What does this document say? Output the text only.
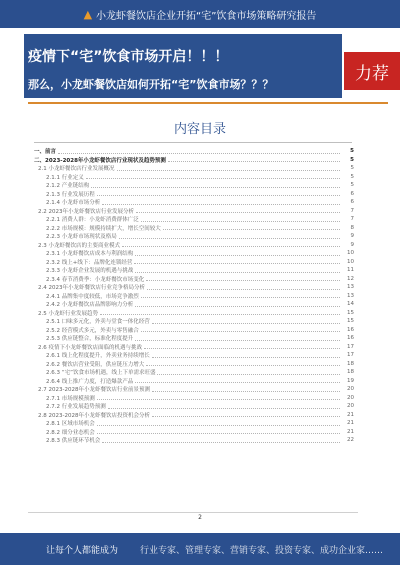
▲ 小龙虾餐饮店企业开拓“宅”饮食市场策略研究报告
疫情下“宅”饮食市场开启！！！
那么，小龙虾餐饮店如何开拓“宅”饮食市场？？？
力荐
内容目录
一、前言	5
二、2023-2028年小龙虾餐饮店行业现状及趋势预测	5
2.1 小龙虾餐饮店行业发展概况	5
2.1.1 行业定义	5
2.1.2 产业链结构	5
2.1.3 行业发展历程	6
2.1.4 小龙虾市场分析	6
2.2 2023年小龙虾餐饮店行业发展分析	7
2.2.1 消费人群：小龙虾消费群体广泛	7
2.2.2 市场规模：规模持续扩大，增长空间较大	8
2.2.3 小龙虾市场现状及格局	9
2.3 小龙虾餐饮店的主要商业模式	9
2.3.1 小龙虾餐饮店成本与利润结构	10
2.3.2 线上+线下：品牌化连锁经营	10
2.3.3 小龙虾企业发展的机遇与挑战	11
2.3.4 春节消费季：小龙虾餐饮市场变化	12
2.4 2023年小龙虾餐饮店行业竞争格局分析	13
2.4.1 品牌集中度较低，市场竞争激烈	13
2.4.2 小龙虾餐饮店品牌影响力分析	14
2.5 小龙虾行业发展趋势	15
2.5.1 口味多元化，外卖与堂食一体化经营	15
2.5.2 经营模式多元，外卖与零售融合	16
2.5.3 供应链整合，标准化程度提升	16
2.6 疫情下小龙虾餐饮店面临的机遇与挑战	17
2.6.1 线上化程度提升，外卖业务持续增长	17
2.6.2 餐饮店营业受阻，供应链压力增大	18
2.6.3 “宅”饮食市场机遇，线上下单需求旺盛	18
2.6.4 线上推广力度，打造爆款产品	19
2.7 2023-2028年小龙虾餐饮店行业前景预测	20
2.7.1 市场规模预测	20
2.7.2 行业发展趋势预测	20
2.8 2023-2028年小龙虾餐饮店投资机会分析	21
2.8.1 区域市场机会	21
2.8.2 细分业态机会	21
2.8.3 供应链环节机会	22
2
让每个人都能成为 行业专家、管理专家、营销专家、投资专家、成功企业家……
